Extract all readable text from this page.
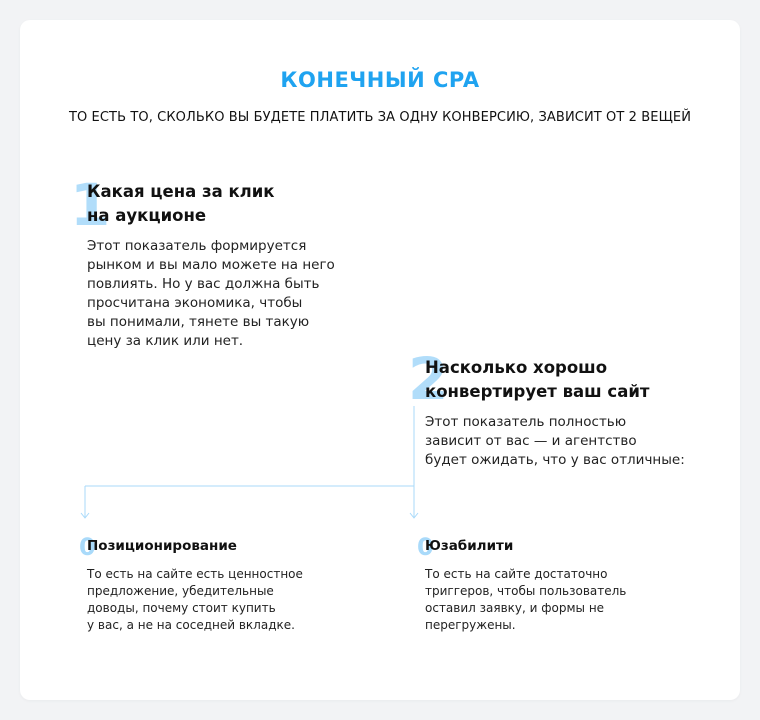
КОНЕЧНЫЙ CPA
ТО ЕСТЬ ТО, СКОЛЬКО ВЫ БУДЕТЕ ПЛАТИТЬ ЗА ОДНУ КОНВЕРСИЮ, ЗАВИСИТ ОТ 2 ВЕЩЕЙ
1
Какая цена за клик
на аукционе
Этот показатель формируется
рынком и вы мало можете на него
повлиять. Но у вас должна быть
просчитана экономика, чтобы
вы понимали, тянете вы такую
цену за клик или нет.
2
Насколько хорошо
конвертирует ваш сайт
Этот показатель полностью
зависит от вас — и агентство
будет ожидать, что у вас отличные:
0
Позиционирование
То есть на сайте есть ценностное
предложение, убедительные
доводы, почему стоит купить
у вас, а не на соседней вкладке.
0
Юзабилити
То есть на сайте достаточно
триггеров, чтобы пользователь
оставил заявку, и формы не
перегружены.
